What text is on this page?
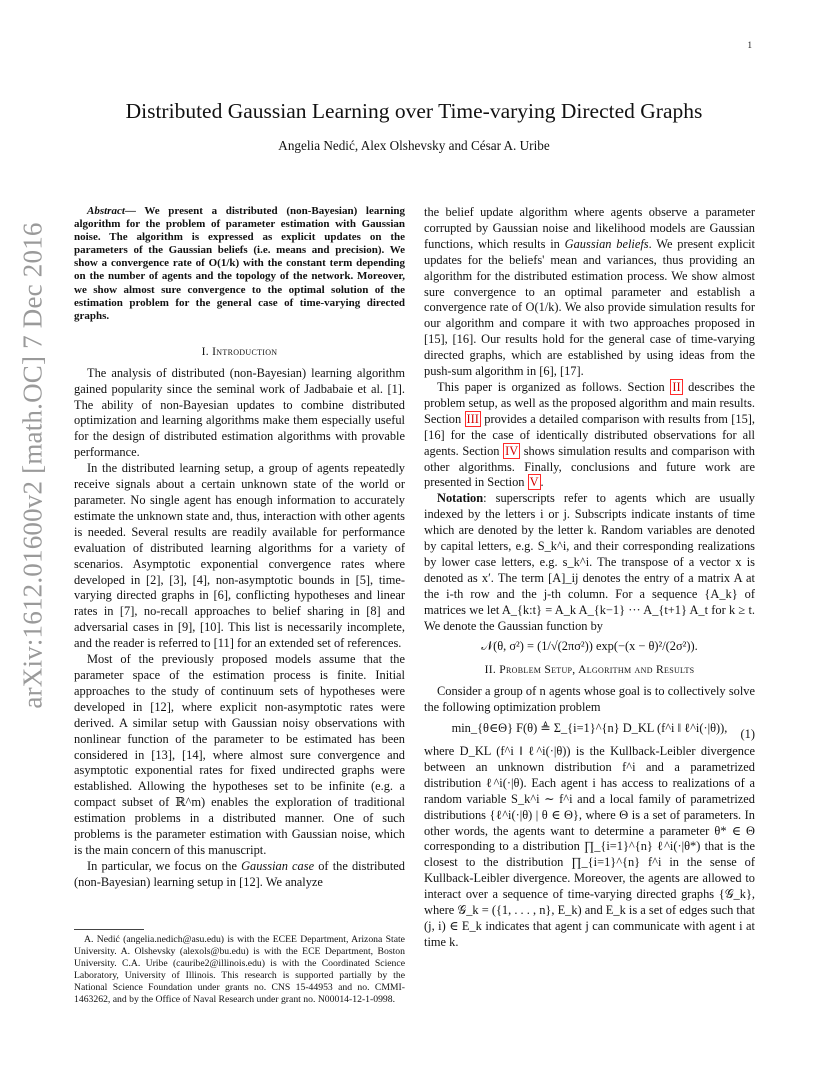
1
arXiv:1612.01600v2 [math.OC] 7 Dec 2016
Distributed Gaussian Learning over Time-varying Directed Graphs
Angelia Nedić, Alex Olshevsky and César A. Uribe
Abstract— We present a distributed (non-Bayesian) learning algorithm for the problem of parameter estimation with Gaussian noise. The algorithm is expressed as explicit updates on the parameters of the Gaussian beliefs (i.e. means and precision). We show a convergence rate of O(1/k) with the constant term depending on the number of agents and the topology of the network. Moreover, we show almost sure convergence to the optimal solution of the estimation problem for the general case of time-varying directed graphs.
I. Introduction

The analysis of distributed (non-Bayesian) learning algorithm gained popularity since the seminal work of Jadbabaie et al. [1]. The ability of non-Bayesian updates to combine distributed optimization and learning algorithms make them especially useful for the design of distributed estimation algorithms with provable performance.

In the distributed learning setup, a group of agents repeatedly receive signals about a certain unknown state of the world or parameter. No single agent has enough information to accurately estimate the unknown state and, thus, interaction with other agents is needed. Several results are readily available for performance evaluation of distributed learning algorithms for a variety of scenarios. Asymptotic exponential convergence rates where developed in [2], [3], [4], non-asymptotic bounds in [5], time-varying directed graphs in [6], conflicting hypotheses and linear rates in [7], no-recall approaches to belief sharing in [8] and adversarial cases in [9], [10]. This list is necessarily incomplete, and the reader is referred to [11] for an extended set of references.

Most of the previously proposed models assume that the parameter space of the estimation process is finite. Initial approaches to the study of continuum sets of hypotheses were developed in [12], where explicit non-asymptotic rates were derived. A similar setup with Gaussian noisy observations with nonlinear function of the parameter to be estimated has been considered in [13], [14], where almost sure convergence and asymptotic exponential rates for fixed undirected graphs were established. Allowing the hypotheses set to be infinite (e.g. a compact subset of ℝ^m) enables the exploration of traditional estimation problems in a distributed manner. One of such problems is the parameter estimation with Gaussian noise, which is the main concern of this manuscript.

In particular, we focus on the Gaussian case of the distributed (non-Bayesian) learning setup in [12]. We analyze

the belief update algorithm where agents observe a parameter corrupted by Gaussian noise and likelihood models are Gaussian functions, which results in Gaussian beliefs. We present explicit updates for the beliefs' mean and variances, thus providing an algorithm for the distributed estimation process. We show almost sure convergence to an optimal parameter and establish a convergence rate of O(1/k). We also provide simulation results for our algorithm and compare it with two approaches proposed in [15], [16]. Our results hold for the general case of time-varying directed graphs, which are established by using ideas from the push-sum algorithm in [6], [17].

This paper is organized as follows. Section II describes the problem setup, as well as the proposed algorithm and main results. Section III provides a detailed comparison with results from [15], [16] for the case of identically distributed observations for all agents. Section IV shows simulation results and comparison with other algorithms. Finally, conclusions and future work are presented in Section V .

Notation: superscripts refer to agents which are usually indexed by the letters i or j. Subscripts indicate instants of time which are denoted by the letter k. Random variables are denoted by capital letters, e.g. S_k^i, and their corresponding realizations by lower case letters, e.g. s_k^i. The transpose of a vector x is denoted as x′. The term [A]_ij denotes the entry of a matrix A at the i-th row and the j-th column. For a sequence {A_k} of matrices we let A_{k:t} = A_k A_{k−1} ··· A_{t+1} A_t for k ≥ t. We denote the Gaussian function by

𝒩(θ, σ²) = (1/√(2πσ²)) exp(−(x − θ)²/(2σ²)).
II. Problem Setup, Algorithm and Results

Consider a group of n agents whose goal is to collectively solve the following optimization problem

min_{θ∈Θ} F(θ) ≜ Σ_{i=1}^{n} D_KL (f^i ‖ ℓ^i(·|θ)), (1)

where D_KL (f^i ‖ ℓ^i(·|θ)) is the Kullback-Leibler divergence between an unknown distribution f^i and a parametrized distribution ℓ^i(·|θ). Each agent i has access to realizations of a random variable S_k^i ∼ f^i and a local family of parametrized distributions {ℓ^i(·|θ) | θ ∈ Θ}, where Θ is a set of parameters. In other words, the agents want to determine a parameter θ* ∈ Θ corresponding to a distribution ∏_{i=1}^{n} ℓ^i(·|θ*) that is the closest to the distribution ∏_{i=1}^{n} f^i in the sense of Kullback-Leibler divergence. Moreover, the agents are allowed to interact over a sequence of time-varying directed graphs {𝒢_k}, where 𝒢_k = ({1, . . . , n}, E_k) and E_k is a set of edges such that (j, i) ∈ E_k indicates that agent j can communicate with agent i at time k.

A. Nedić (angelia.nedich@asu.edu) is with the ECEE Department, Arizona State University. A. Olshevsky (alexols@bu.edu) is with the ECE Department, Boston University. C.A. Uribe (cauribe2@illinois.edu) is with the Coordinated Science Laboratory, University of Illinois. This research is supported partially by the National Science Foundation under grants no. CNS 15-44953 and no. CMMI-1463262, and by the Office of Naval Research under grant no. N00014-12-1-0998.
